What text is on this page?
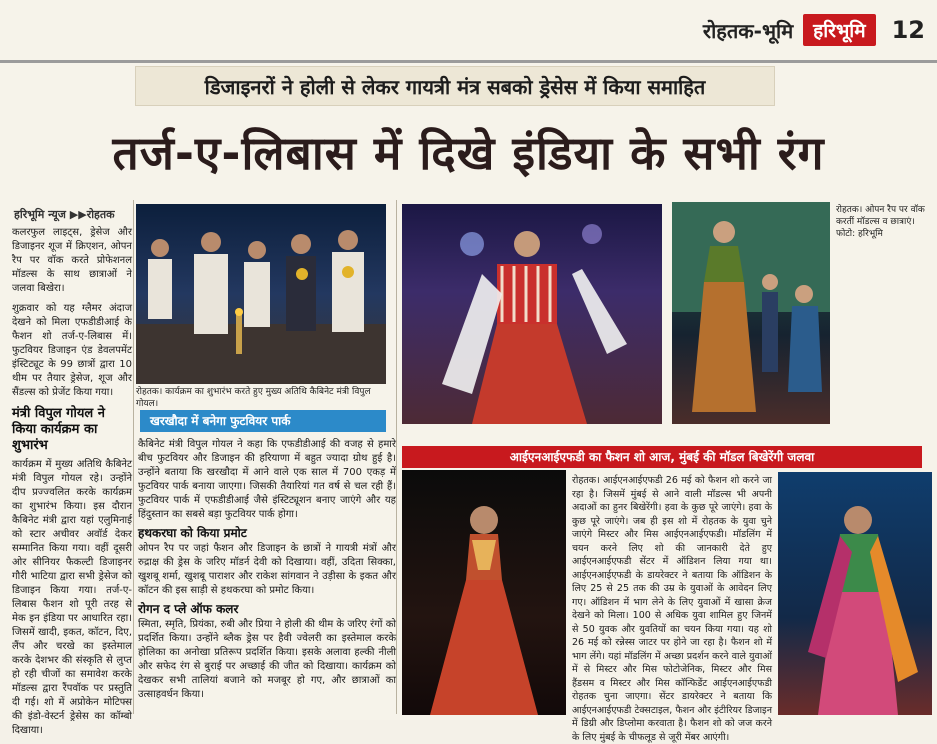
रोहतक-भूमि	हरिभूमि	12
डिजाइनरों ने होली से लेकर गायत्री मंत्र सबको ड्रेसेस में किया समाहित
तर्ज-ए-लिबास में दिखे इंडिया के सभी रंग
हरिभूमि न्यूज ▶▶रोहतक

कलरफुल लाइट्स, ड्रेसेज और डिजाइनर शूज में क्रिएशन, ओपन रैप पर वॉक करते प्रोफेशनल मॉडल्स के साथ छात्राओं ने जलवा बिखेरा।

शुक्रवार को यह ग्लैमर अंदाज देखने को मिला एफडीडीआई के फैशन शो तर्ज-ए-लिबास में। फुटवियर डिजाइन एंड डेवलपमेंट इंस्टिट्यूट के 99 छात्रों द्वारा 10 थीम पर तैयार ड्रेसेज, शूज और सैंडल्स को प्रेजेंट किया गया।

मंत्री विपुल गोयल ने किया कार्यक्रम का शुभारंभ

कार्यक्रम में मुख्य अतिथि कैबिनेट मंत्री विपुल गोयल रहे। उन्होंने दीप प्रज्ज्वलित करके कार्यक्रम का शुभारंभ किया। इस दौरान कैबिनेट मंत्री द्वारा यहां एलुमिनाई को स्टार अचीवर अवॉर्ड देकर सम्मानित किया गया। वहीं दूसरी ओर सीनियर फैकल्टी डिजाइनर गौरी भाटिया द्वारा सभी ड्रेसेज को डिजाइन किया गया। तर्ज-ए-लिबास फैशन शो पूरी तरह से मेक इन इंडिया पर आधारित रहा। जिसमें खादी, इकत, कॉटन, दिए, लैंप और चरखे का इस्तेमाल करके देशभर की संस्कृति से लुप्त हो रही चीजों का समावेश करके मॉडल्स द्वारा रैंपवॉक पर प्रस्तुति दी गई। शो में अप्रोकेन मोटिफ्स की इंडो-वेस्टर्न ड्रेसेस का कॉम्बो दिखाया।

रोहतक। कार्यक्रम का शुभारंभ करते हुए मुख्य अतिथि कैबिनेट मंत्री विपुल गोयल।
रोहतक। ओपन रैप पर वॉक करतीं मॉडल्स व छात्राएं। फोटो: हरिभूमि
खरखौदा में बनेगा फुटवियर पार्क
कैबिनेट मंत्री विपुल गोयल ने कहा कि एफडीडीआई की वजह से हमारे बीच फुटवियर और डिजाइन की हरियाणा में बहुत ज्यादा ग्रोथ हुई है। उन्होंने बताया कि खरखौदा में आने वाले एक साल में 700 एकड़ में फुटवियर पार्क बनाया जाएगा। जिसकी तैयारियां गत वर्ष से चल रही हैं। फुटवियर पार्क में एफडीडीआई जैसे इंस्टिट्यूशन बनाए जाएंगे और यह हिंदुस्तान का सबसे बड़ा फुटवियर पार्क होगा।
हथकरघा को किया प्रमोट
ओपन रैप पर जहां फैशन और डिजाइन के छात्रों ने गायत्री मंत्रों और रुद्राक्ष की ड्रेस के जरिए मॉडर्न देवी को दिखाया। वहीं, उदिता सिक्का, खुशबू शर्मा, खुशबू पाराशर और राकेश सांगवान ने उड़ीसा के इकत और कॉटन की इस साड़ी से हथकरघा को प्रमोट किया।
रोगन द प्ले ऑफ कलर
स्मिता, स्मृति, प्रियंका, रुबी और प्रिया ने होली की थीम के जरिए रंगों को प्रदर्शित किया। उन्होंने ब्लैक ड्रेस पर हैवी ज्वेलरी का इस्तेमाल करके होलिका का अनोखा प्रतिरूप प्रदर्शित किया। इसके अलावा हल्की नीली और सफेद रंग से बुराई पर अच्छाई की जीत को दिखाया। कार्यक्रम को देखकर सभी तालियां बजाने को मजबूर हो गए, और छात्राओं का उत्साहवर्धन किया।
आईएनआईएफडी का फैशन शो आज, मुंबई की मॉडल बिखेरेंगी जलवा
रोहतक। आईएनआईएफडी 26 मई को फैशन शो करने जा रहा है। जिसमें मुंबई से आने वाली मॉडल्स भी अपनी अदाओं का हुनर बिखेरेंगी। हवा के कुछ पूरे जाएंगे। हवा के कुछ पूरे जाएंगे। जब ही इस शो में रोहतक के युवा चुने जाएंगे मिस्टर और मिस आईएनआईएफडी। मॉडलिंग में चयन करने लिए शो की जानकारी देते हुए आईएनआईएफडी सेंटर में ऑडिशन लिया गया था। आईएनआईएफडी के डायरेक्टर ने बताया कि ऑडिशन के लिए 25 से 25 तक की उम्र के युवाओं के आवेदन लिए गए। ऑडिशन में भाग लेने के लिए युवाओं में खासा क्रेज देखने को मिला। 100 से अधिक युवा शामिल हुए जिनमें से 50 युवक और युवतियों का चयन किया गया। यह शो 26 मई को रन्नेस्स जाटर पर होने जा रहा है। फैशन शो में भाग लेंगे। यहां मॉडलिंग में अच्छा प्रदर्शन करने वाले युवाओं में से मिस्टर और मिस फोटोजेनिक, मिस्टर और मिस हैंडसम व मिस्टर और मिस कॉन्फिडेंट आईएनआईएफडी रोहतक चुना जाएगा। सेंटर डायरेक्टर ने बताया कि आईएनआईएफडी टेक्सटाइल, फैशन और इंटीरियर डिजाइन में डिग्री और डिप्लोमा करवाता है। फैशन शो को जज करने के लिए मुंबई के चीफलूड से जूरी मेंबर आएंगी।
